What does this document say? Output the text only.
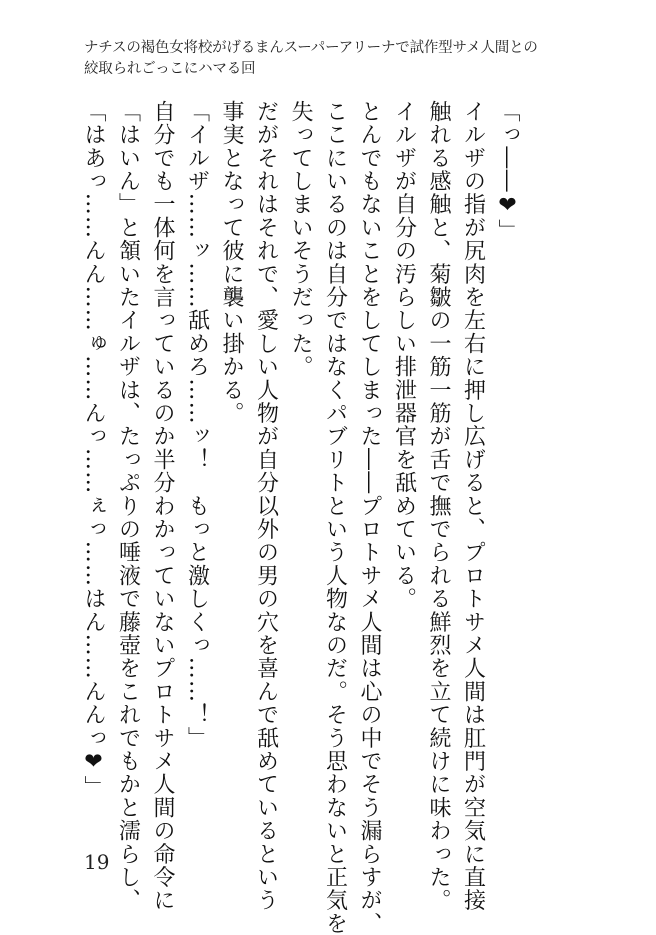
ナチスの褐色女将校がげるまんスーパーアリーナで試作型サメ人間との
絞取られごっこにハマる回
「っ――❤」
イルザの指が尻肉を左右に押し広げると、プロトサメ人間は肛門が空気に直接
触れる感触と、菊皺の一筋一筋が舌で撫でられる鮮烈を立て続けに味わった。
イルザが自分の汚らしい排泄器官を舐めている。
とんでもないことをしてしまった――プロトサメ人間は心の中でそう漏らすが、
ここにいるのは自分ではなくパブリトという人物なのだ。そう思わないと正気を
失ってしまいそうだった。
だがそれはそれで、愛しい人物が自分以外の男の穴を喜んで舐めているという
事実となって彼に襲い掛かる。
「イルザ……ッ……舐めろ……ッ！　もっと激しくっ……！」
自分でも一体何を言っているのか半分わかっていないプロトサメ人間の命令に
「はいん」と頷いたイルザは、たっぷりの唾液で藤壺をこれでもかと濡らし、
「はあっ……んん……ゅ……んっ……ぇっ……はん……んんっ❤」
19
